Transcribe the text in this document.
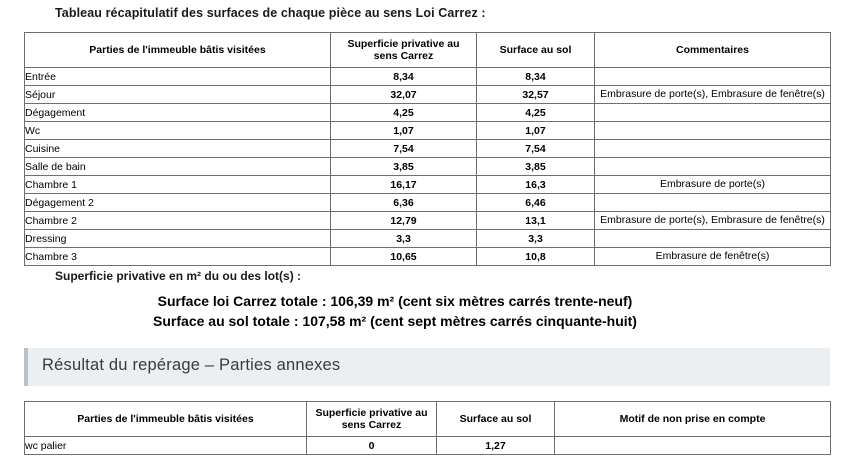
Tableau récapitulatif des surfaces de chaque pièce au sens Loi Carrez :
Parties de l'immeuble bâtis visitées	Superficie privative au sens Carrez	Surface au sol	Commentaires
Entrée	8,34	8,34	
Séjour	32,07	32,57	Embrasure de porte(s), Embrasure de fenêtre(s)
Dégagement	4,25	4,25	
Wc	1,07	1,07	
Cuisine	7,54	7,54	
Salle de bain	3,85	3,85	
Chambre 1	16,17	16,3	Embrasure de porte(s)
Dégagement 2	6,36	6,46	
Chambre 2	12,79	13,1	Embrasure de porte(s), Embrasure de fenêtre(s)
Dressing	3,3	3,3	
Chambre 3	10,65	10,8	Embrasure de fenêtre(s)
Superficie privative en m² du ou des lot(s) :
Surface loi Carrez totale : 106,39 m² (cent six mètres carrés trente-neuf)
Surface au sol totale : 107,58 m² (cent sept mètres carrés cinquante-huit)
Résultat du repérage – Parties annexes
Parties de l'immeuble bâtis visitées	Superficie privative au sens Carrez	Surface au sol	Motif de non prise en compte
wc palier	0	1,27	
